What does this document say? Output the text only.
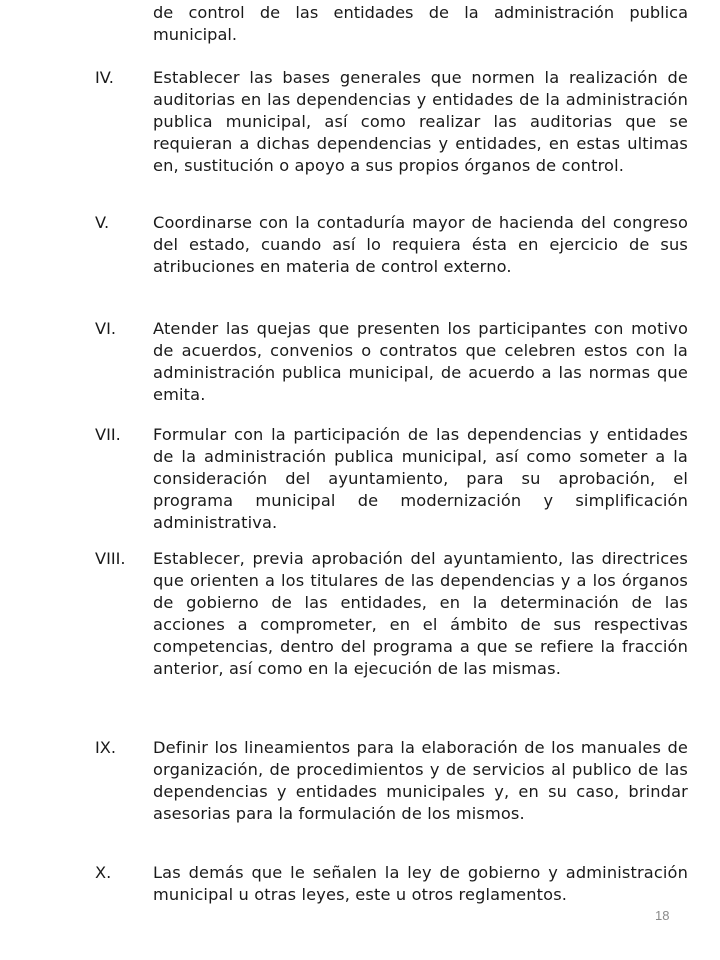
de control de las entidades de la administración publica municipal.
IV. Establecer las bases generales que normen la realización de auditorias en las dependencias y entidades de la administración publica municipal, así como realizar las auditorias que se requieran a dichas dependencias y entidades, en estas ultimas en, sustitución o apoyo a sus propios órganos de control.
V.	Coordinarse con la contaduría mayor de hacienda del congreso del estado, cuando así lo requiera ésta en ejercicio de sus atribuciones en materia de control externo.
VI. Atender las quejas que presenten los participantes con motivo de acuerdos, convenios o contratos que celebren estos con la administración publica municipal, de acuerdo a las normas que emita.
VII. Formular con la participación de las dependencias y entidades de la administración publica municipal, así como someter a la consideración del ayuntamiento, para su aprobación, el programa municipal de modernización y simplificación administrativa.
VIII. Establecer, previa aprobación del ayuntamiento, las directrices que orienten a los titulares de las dependencias y a los órganos de gobierno de las entidades, en la determinación de las acciones a comprometer, en el ámbito de sus respectivas competencias, dentro del programa a que se refiere la fracción anterior, así como en la ejecución de las mismas.
IX. Definir los lineamientos para la elaboración de los manuales de organización, de procedimientos y de servicios al publico de las dependencias y entidades municipales y, en su caso, brindar asesorias para la formulación de los mismos.
X.	Las demás que le señalen la ley de gobierno y administración municipal u otras leyes, este u otros reglamentos.
18
